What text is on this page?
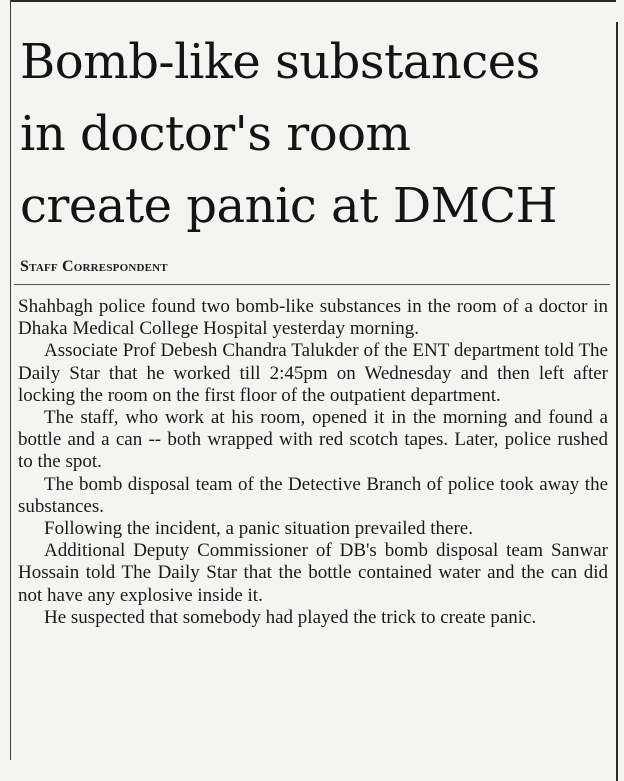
Bomb-like substances
in doctor's room
create panic at DMCH
Staff Correspondent

Shahbagh police found two bomb-like substances in the room of a doctor in Dhaka Medical College Hospital yesterday morning.

Associate Prof Debesh Chandra Talukder of the ENT department told The Daily Star that he worked till 2:45pm on Wednesday and then left after locking the room on the first floor of the outpatient department.

The staff, who work at his room, opened it in the morning and found a bottle and a can -- both wrapped with red scotch tapes. Later, police rushed to the spot.

The bomb disposal team of the Detective Branch of police took away the substances.

Following the incident, a panic situation prevailed there.

Additional Deputy Commissioner of DB's bomb disposal team Sanwar Hossain told The Daily Star that the bottle contained water and the can did not have any explosive inside it.

He suspected that somebody had played the trick to create panic.
